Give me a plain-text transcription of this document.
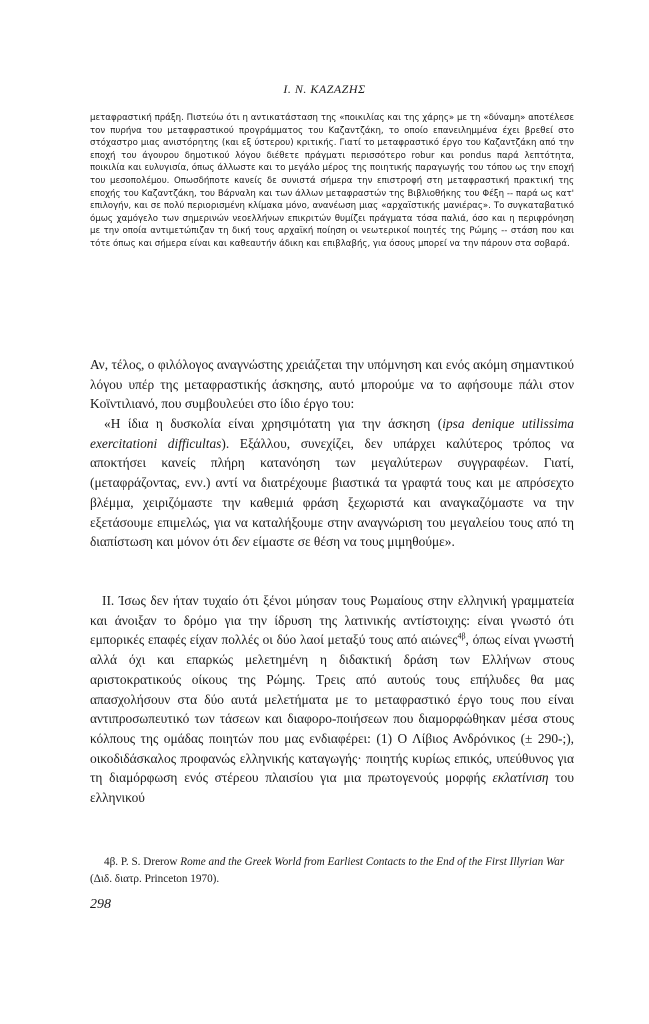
I. N. ΚΑΖΑΖΗΣ

μεταφραστική πράξη. Πιστεύω ότι η αντικατάσταση της «ποικιλίας και της χάρης» με τη «δύναμη» αποτέλεσε τον πυρήνα του μεταφραστικού προγράμματος του Καζαντζάκη, το οποίο επανειλημμένα έχει βρεθεί στο στόχαστρο μιας ανιστόρητης (και εξ ύστερου) κριτικής. Γιατί το μεταφραστικό έργο του Καζαντζάκη από την εποχή του άγουρου δημοτικού λόγου διέθετε πράγματι περισσότερο robur και pondus παρά λεπτότητα, ποικιλία και ευλυγισία, όπως άλλωστε και το μεγάλο μέρος της ποιητικής παραγωγής του τόπου ως την εποχή του μεσοπολέμου. Οπωσδήποτε κανείς δε συνιστά σήμερα την επιστροφή στη μεταφραστική πρακτική της εποχής του Καζαντζάκη, του Βάρναλη και των άλλων μεταφραστών της Βιβλιοθήκης του Φέξη -- παρά ως κατ' επιλογήν, και σε πολύ περιορισμένη κλίμακα μόνο, ανανέωση μιας «αρχαϊστικής μανιέρας». Το συγκαταβατικό όμως χαμόγελο των σημερινών νεοελλήνων επικριτών θυμίζει πράγματα τόσα παλιά, όσο και η περιφρόνηση με την οποία αντιμετώπιζαν τη δική τους αρχαϊκή ποίηση οι νεωτερικοί ποιητές της Ρώμης -- στάση που και τότε όπως και σήμερα είναι και καθεαυτήν άδικη και επιβλαβής, για όσους μπορεί να την πάρουν στα σοβαρά.

Αν, τέλος, ο φιλόλογος αναγνώστης χρειάζεται την υπόμνηση και ενός ακόμη σημαντικού λόγου υπέρ της μεταφραστικής άσκησης, αυτό μπορούμε να το αφήσουμε πάλι στον Κοϊντιλιανό, που συμβουλεύει στο ίδιο έργο του:

«Η ίδια η δυσκολία είναι χρησιμότατη για την άσκηση (ipsa denique utilissima exercitationi difficultas). Εξάλλου, συνεχίζει, δεν υπάρχει καλύτερος τρόπος να αποκτήσει κανείς πλήρη κατανόηση των μεγαλύτερων συγγραφέων. Γιατί, (μεταφράζοντας, ενν.) αντί να διατρέχουμε βιαστικά τα γραφτά τους και με απρόσεχτο βλέμμα, χειριζόμαστε την καθεμιά φράση ξεχωριστά και αναγκαζόμαστε να την εξετάσουμε επιμελώς, για να καταλήξουμε στην αναγνώριση του μεγαλείου τους από τη διαπίστωση και μόνον ότι δεν είμαστε σε θέση να τους μιμηθούμε».

ΙΙ. Ίσως δεν ήταν τυχαίο ότι ξένοι μύησαν τους Ρωμαίους στην ελληνική γραμματεία και άνοιξαν το δρόμο για την ίδρυση της λατινικής αντίστοιχης: είναι γνωστό ότι εμπορικές επαφές είχαν πολλές οι δύο λαοί μεταξύ τους από αιώνες$^{4\beta}$, όπως είναι γνωστή αλλά όχι και επαρκώς μελετημένη η διδακτική δράση των Ελλήνων στους αριστοκρατικούς οίκους της Ρώμης. Τρεις από αυτούς τους επήλυδες θα μας απασχολήσουν στα δύο αυτά μελετήματα με το μεταφραστικό έργο τους που είναι αντιπροσωπευτικό των τάσεων και διαφορο-ποιήσεων που διαμορφώθηκαν μέσα στους κόλπους της ομάδας ποιητών που μας ενδιαφέρει: (1) Ο Λίβιος Ανδρόνικος (± 290-;), οικοδιδάσκαλος προφανώς ελληνικής καταγωγής· ποιητής κυρίως επικός, υπεύθυνος για τη διαμόρφωση ενός στέρεου πλαισίου για μια πρωτογενούς μορφής εκλατίνιση του ελληνικού

4β. P. S. Drerow Rome and the Greek World from Earliest Contacts to the End of the First Illyrian War (Διδ. διατρ. Princeton 1970).

298
